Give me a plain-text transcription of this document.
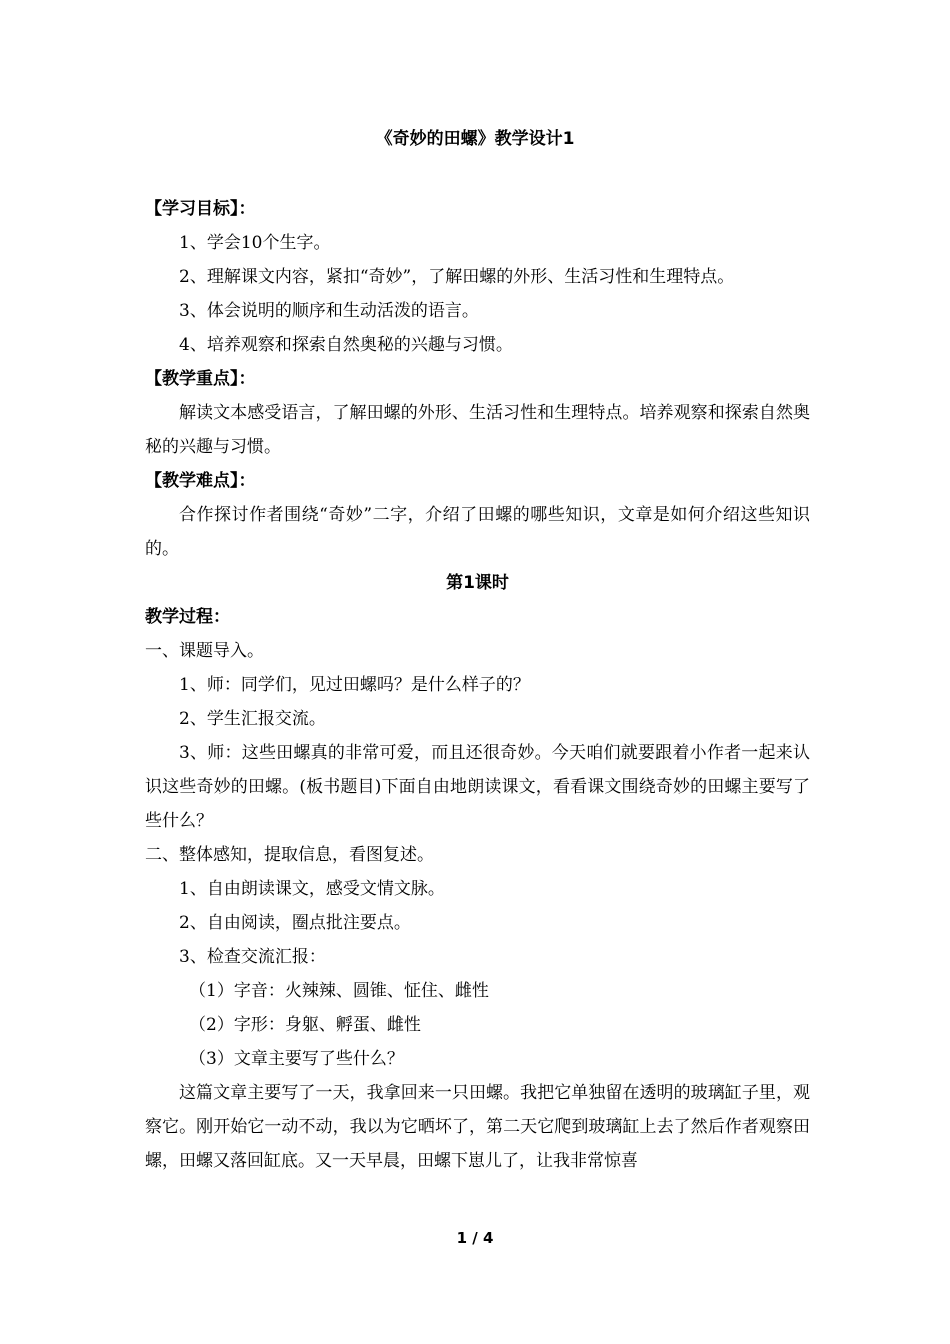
《奇妙的田螺》教学设计1
【学习目标】：
1、学会10个生字。
2、理解课文内容，紧扣“奇妙”，了解田螺的外形、生活习性和生理特点。
3、体会说明的顺序和生动活泼的语言。
4、培养观察和探索自然奥秘的兴趣与习惯。
【教学重点】：
解读文本感受语言，了解田螺的外形、生活习性和生理特点。培养观察和探索自然奥秘的兴趣与习惯。
【教学难点】：
合作探讨作者围绕“奇妙”二字，介绍了田螺的哪些知识，文章是如何介绍这些知识的。
第1课时
教学过程：
一、课题导入。
1、师：同学们，见过田螺吗？是什么样子的？
2、学生汇报交流。
3、师：这些田螺真的非常可爱，而且还很奇妙。今天咱们就要跟着小作者一起来认识这些奇妙的田螺。(板书题目)下面自由地朗读课文，看看课文围绕奇妙的田螺主要写了些什么？
二、整体感知，提取信息，看图复述。
1、自由朗读课文，感受文情文脉。
2、自由阅读，圈点批注要点。
3、检查交流汇报：
（1）字音：火辣辣、圆锥、怔住、雌性
（2）字形：身躯、孵蛋、雌性
（3）文章主要写了些什么？
这篇文章主要写了一天，我拿回来一只田螺。我把它单独留在透明的玻璃缸子里，观察它。刚开始它一动不动，我以为它晒坏了，第二天它爬到玻璃缸上去了然后作者观察田螺，田螺又落回缸底。又一天早晨，田螺下崽儿了，让我非常惊喜
1 / 4
